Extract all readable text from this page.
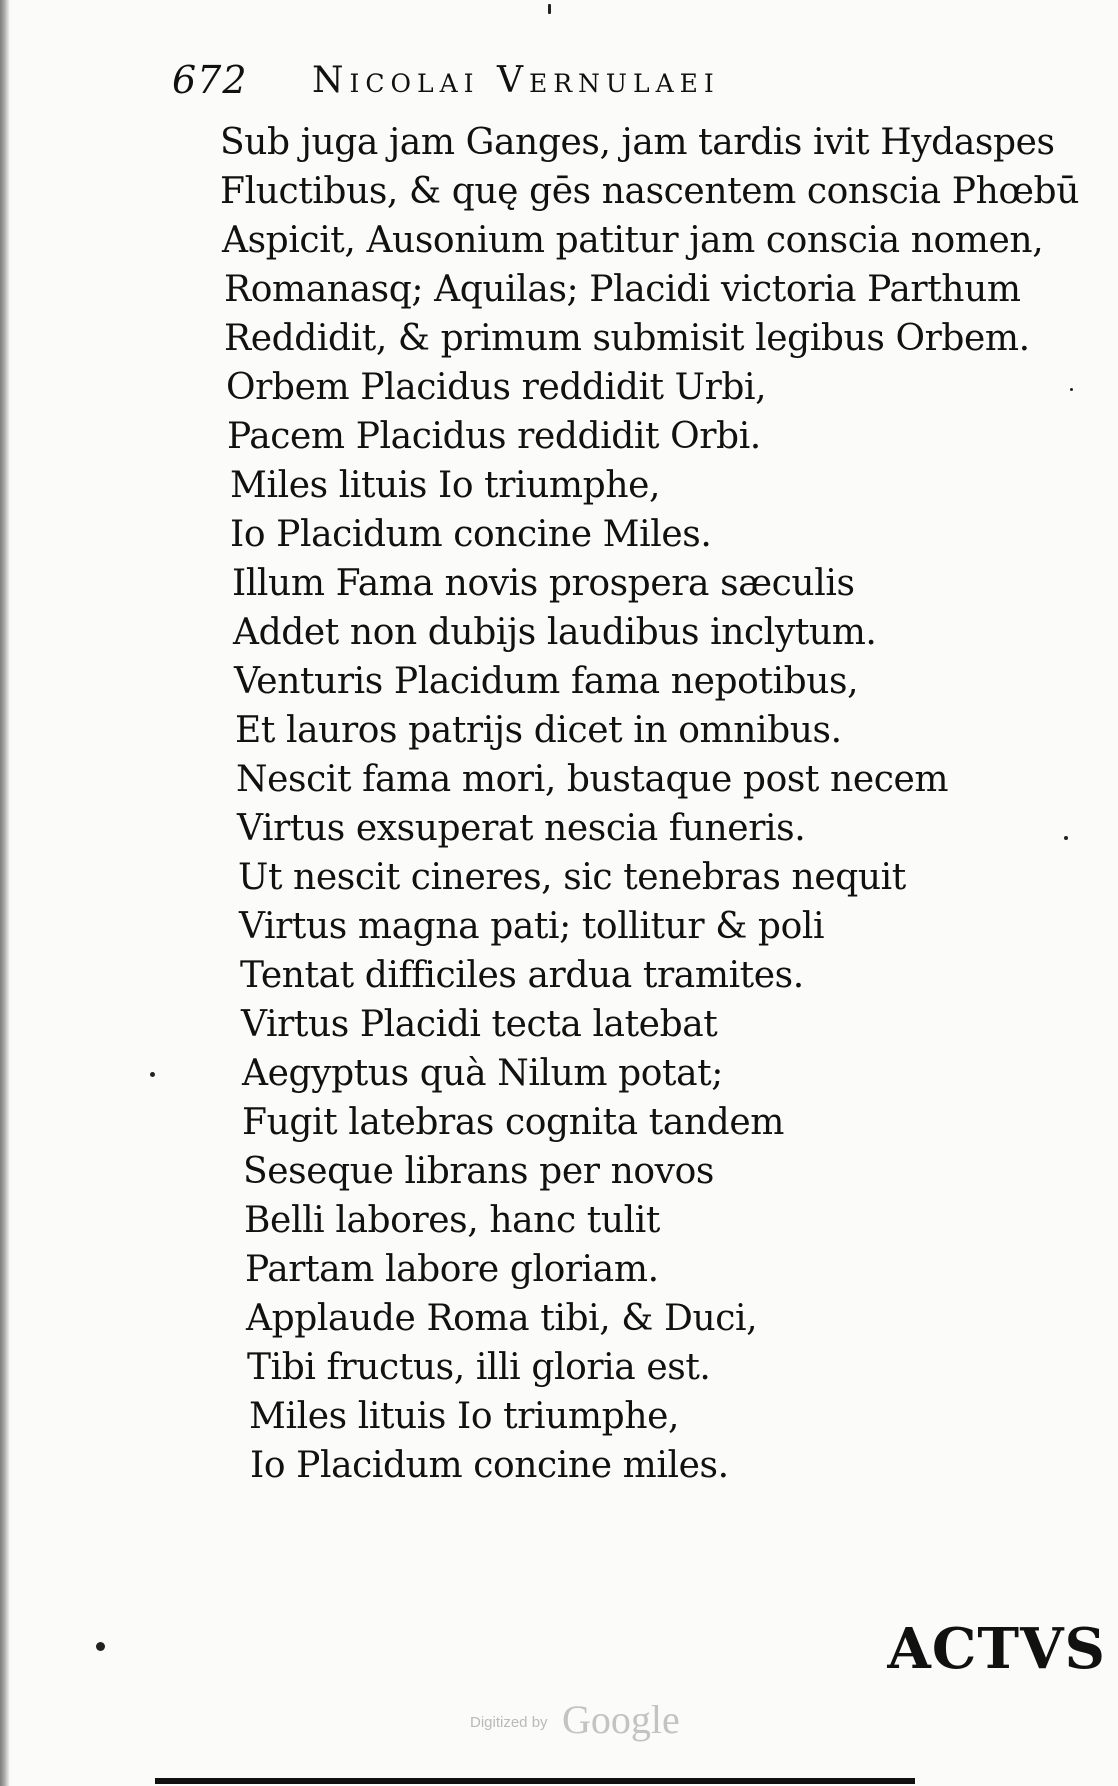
672 Nicolai Vernulaei
Sub juga jam Ganges, jam tardis ivit Hydaspes
Fluctibus, & quę gēs nascentem conscia Phœbū
Aspicit, Ausonium patitur jam conscia nomen,
Romanasq; Aquilas; Placidi victoria Parthum
Reddidit, & primum submisit legibus Orbem.
Orbem Placidus reddidit Urbi,
Pacem Placidus reddidit Orbi.
Miles lituis Io triumphe,
Io Placidum concine Miles.
Illum Fama novis prospera sæculis
Addet non dubijs laudibus inclytum.
Venturis Placidum fama nepotibus,
Et lauros patrijs dicet in omnibus.
Nescit fama mori, bustaque post necem
Virtus exsuperat nescia funeris.
Ut nescit cineres, sic tenebras nequit
Virtus magna pati; tollitur & poli
Tentat difficiles ardua tramites.
Virtus Placidi tecta latebat
Aegyptus quà Nilum potat;
Fugit latebras cognita tandem
Seseque librans per novos
Belli labores, hanc tulit
Partam labore gloriam.
Applaude Roma tibi, & Duci,
Tibi fructus, illi gloria est.
Miles lituis Io triumphe,
Io Placidum concine miles.
ACTVS
Digitized by Google
